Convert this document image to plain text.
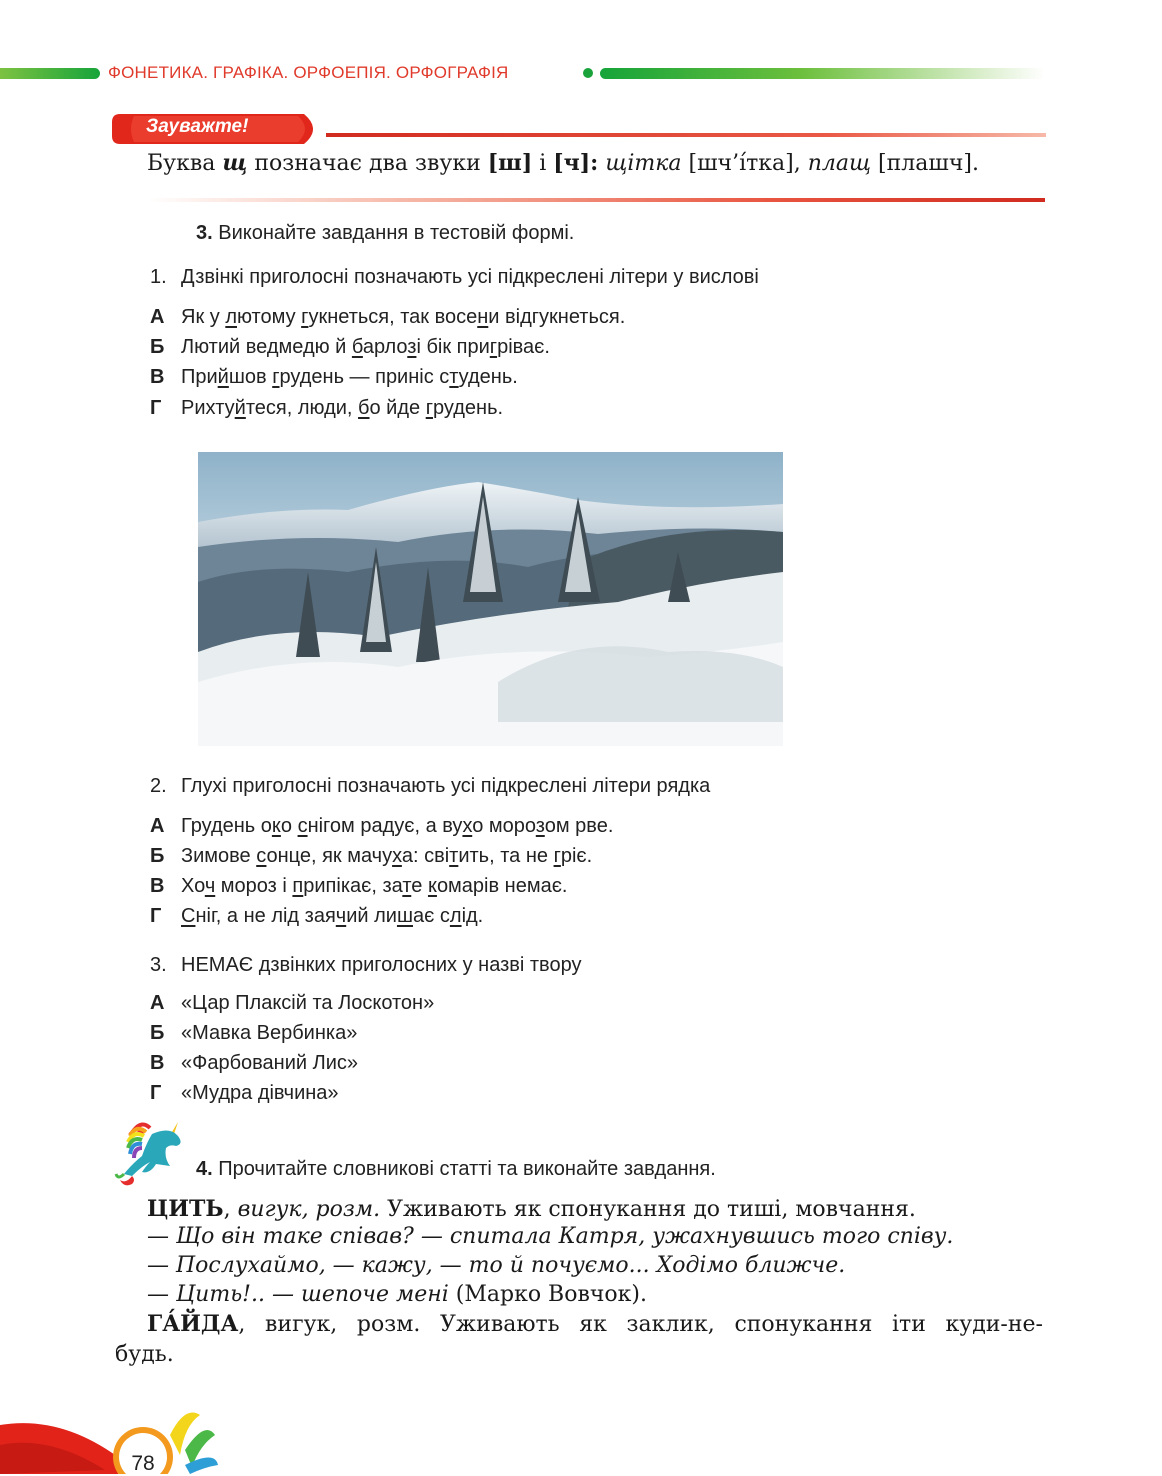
ФОНЕТИКА. ГРАФІКА. ОРФОЕПІЯ. ОРФОГРАФІЯ
Зауважте!
Буква щ позначає два звуки [ш] і [ч]: щітка [шч’і́тка], плащ [плашч].
3. Виконайте завдання в тестовій формі.
1. Дзвінкі приголосні позначають усі підкреслені літери у вислові
А Як у лютому гукнеться, так восени відгукнеться.
Б Лютий ведмедю й барлозі бік пригріває.
В Прийшов грудень — приніс студень.
Г Рихтуйтеся, люди, бо йде грудень.
2. Глухі приголосні позначають усі підкреслені літери рядка
А Грудень око снігом радує, а вухо морозом рве.
Б Зимове сонце, як мачуха: світить, та не гріє.
В Хоч мороз і припікає, зате комарів немає.
Г Сніг, а не лід заячий лишає слід.
3. НЕМАЄ дзвінких приголосних у назві твору
А «Цар Плаксій та Лоскотон»
Б «Мавка Вербинка»
В «Фарбований Лис»
Г «Мудра дівчина»
4. Прочитайте словникові статті та виконайте завдання.
ЦИТЬ, вигук, розм. Уживають як спонукання до тиші, мовчання.
— Що він таке співав? — спитала Катря, ужахнувшись того співу.
— Послухаймо, — кажу, — то й почуємо... Ходімо ближче.
— Цить!.. — шепоче мені (Марко Вовчок).
ГА́ЙДА, вигук, розм. Уживають як заклик, спонукання іти куди-не-
будь.
78
